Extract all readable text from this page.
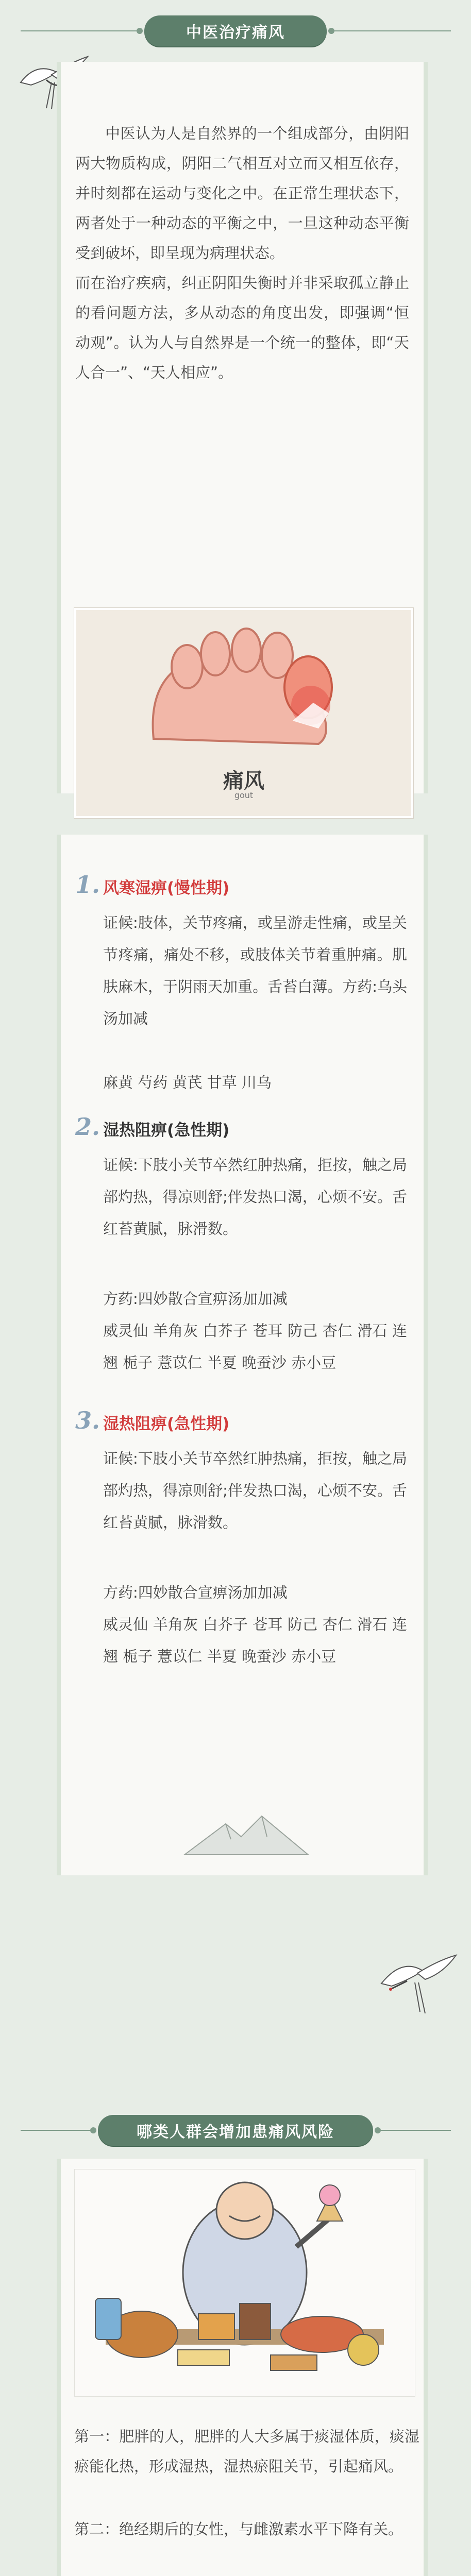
中医治疗痛风

中医认为人是自然界的一个组成部分，由阴阳两大物质构成，阴阳二气相互对立而又相互依存，并时刻都在运动与变化之中。在正常生理状态下，两者处于一种动态的平衡之中，一旦这种动态平衡受到破坏，即呈现为病理状态。

而在治疗疾病，纠正阴阳失衡时并非采取孤立静止的看问题方法，多从动态的角度出发，即强调“恒动观”。认为人与自然界是一个统一的整体，即“天人合一”、“天人相应”。

痛风
gout
1. 风寒湿痹(慢性期)
证候:肢体，关节疼痛，或呈游走性痛，或呈关节疼痛，痛处不移，或肢体关节着重肿痛。肌肤麻木，于阴雨天加重。舌苔白薄。方药:乌头汤加减
麻黄 芍药 黄芪 甘草 川乌
2. 湿热阻痹(急性期)
证候:下肢小关节卒然红肿热痛，拒按，触之局部灼热，得凉则舒;伴发热口渴，心烦不安。舌红苔黄腻，脉滑数。
方药:四妙散合宣痹汤加加减
威灵仙 羊角灰 白芥子 苍耳 防己 杏仁 滑石 连翘 栀子 薏苡仁 半夏 晚蚕沙 赤小豆
3. 湿热阻痹(急性期)
证候:下肢小关节卒然红肿热痛，拒按，触之局部灼热，得凉则舒;伴发热口渴，心烦不安。舌红苔黄腻，脉滑数。
方药:四妙散合宣痹汤加加减
威灵仙 羊角灰 白芥子 苍耳 防己 杏仁 滑石 连翘 栀子 薏苡仁 半夏 晚蚕沙 赤小豆
哪类人群会增加患痛风风险
第一：肥胖的人，肥胖的人大多属于痰湿体质，痰湿瘀能化热，形成湿热，湿热瘀阻关节，引起痛风。
第二：绝经期后的女性，与雌激素水平下降有关。
